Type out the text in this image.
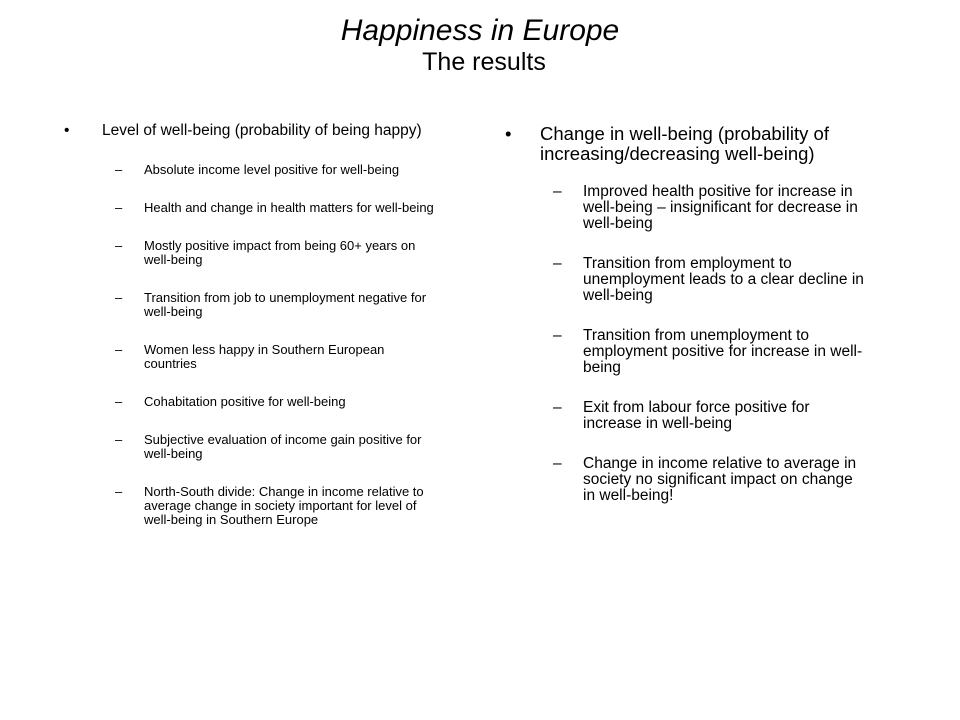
Happiness in Europe
The results
• Level of well-being (probability of being happy)
– Absolute income level positive for well-being
– Health and change in health matters for well-being
– Mostly positive impact from being 60+ years on well-being
– Transition from job to unemployment negative for well-being
– Women less happy in Southern European countries
– Cohabitation positive for well-being
– Subjective evaluation of income gain positive for well-being
– North-South divide: Change in income relative to average change in society important for level of well-being in Southern Europe
• Change in well-being (probability of increasing/decreasing well-being)
– Improved health positive for increase in well-being – insignificant for decrease in well-being
– Transition from employment to unemployment leads to a clear decline in well-being
– Transition from unemployment to employment positive for increase in well-being
– Exit from labour force positive for increase in well-being
– Change in income relative to average in society no significant impact on change in well-being!
